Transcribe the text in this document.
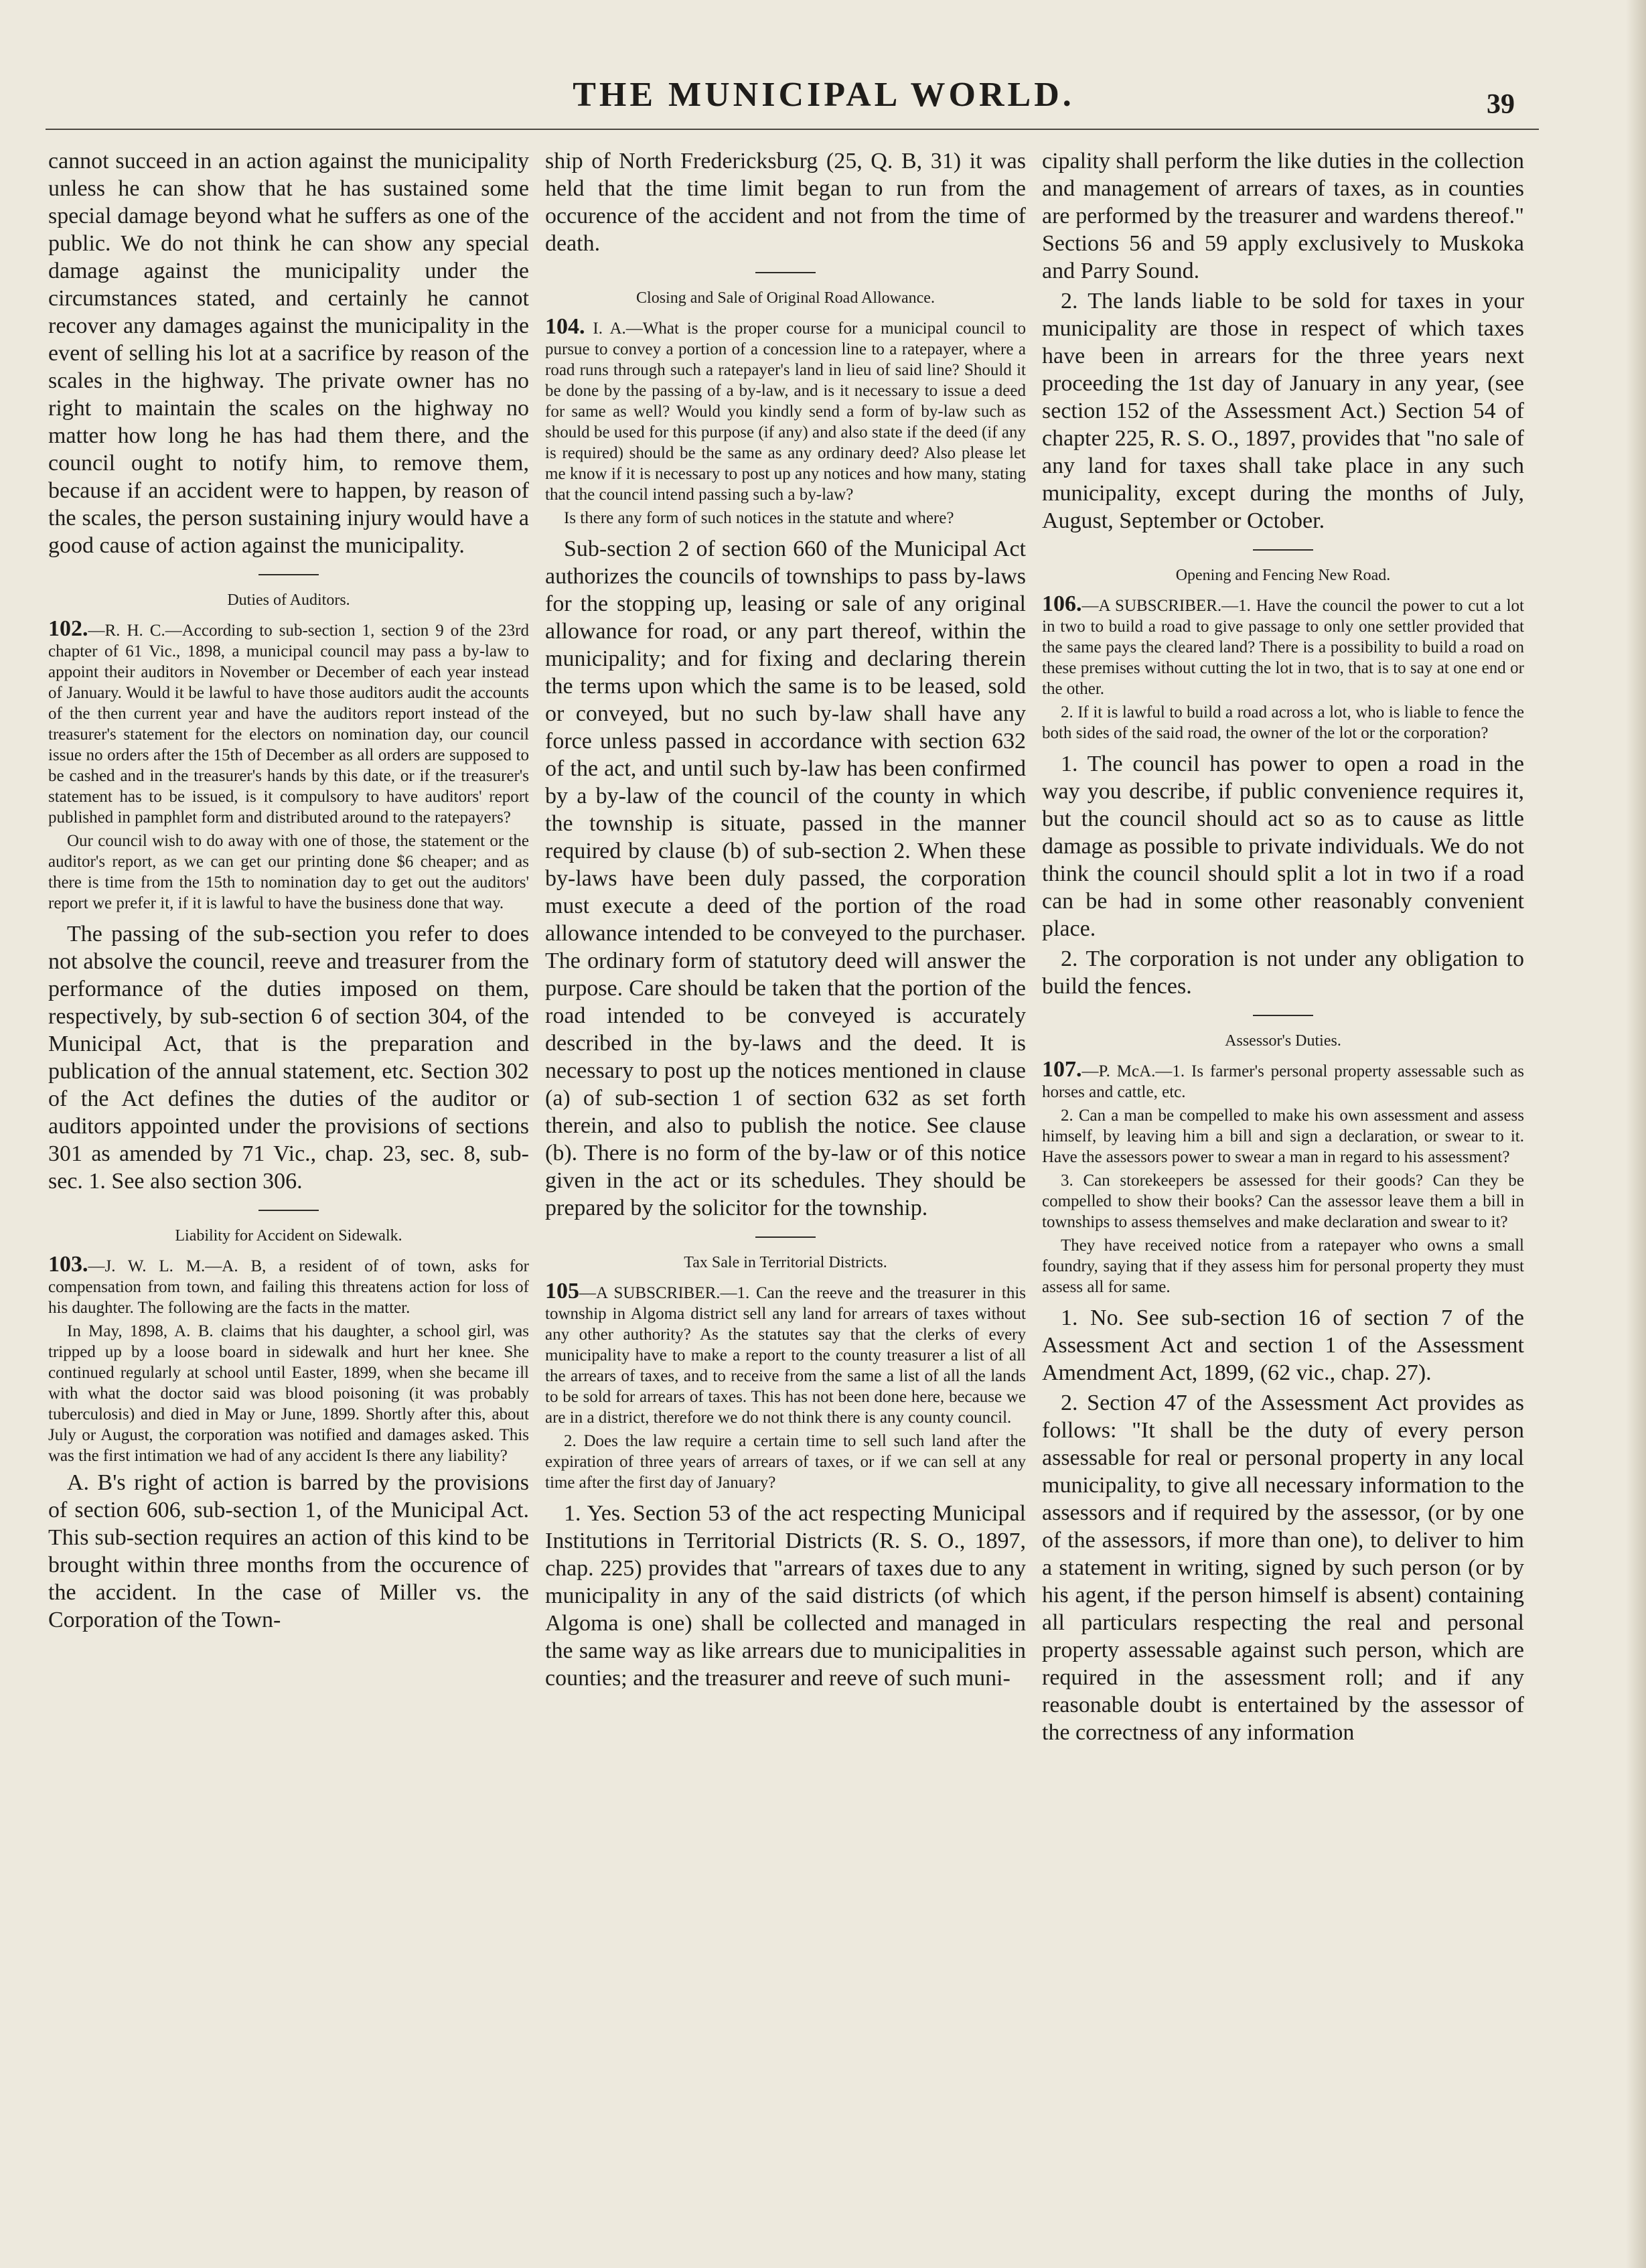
THE MUNICIPAL WORLD.	39

cannot succeed in an action against the municipality unless he can show that he has sustained some special damage beyond what he suffers as one of the public. We do not think he can show any special damage against the municipality under the circumstances stated, and certainly he cannot recover any damages against the municipality in the event of selling his lot at a sacrifice by reason of the scales in the highway. The private owner has no right to maintain the scales on the highway no matter how long he has had them there, and the council ought to notify him, to remove them, because if an accident were to happen, by reason of the scales, the person sustaining injury would have a good cause of action against the municipality.

Duties of Auditors.

102.—R. H. C.—According to sub-section 1, section 9 of the 23rd chapter of 61 Vic., 1898, a municipal council may pass a by-law to appoint their auditors in November or December of each year instead of January. Would it be lawful to have those auditors audit the accounts of the then current year and have the auditors report instead of the treasurer's statement for the electors on nomination day, our council issue no orders after the 15th of December as all orders are supposed to be cashed and in the treasurer's hands by this date, or if the treasurer's statement has to be issued, is it compulsory to have auditors' report published in pamphlet form and distributed around to the ratepayers?

Our council wish to do away with one of those, the statement or the auditor's report, as we can get our printing done $6 cheaper; and as there is time from the 15th to nomination day to get out the auditors' report we prefer it, if it is lawful to have the business done that way.

The passing of the sub-section you refer to does not absolve the council, reeve and treasurer from the performance of the duties imposed on them, respectively, by sub-section 6 of section 304, of the Municipal Act, that is the preparation and publication of the annual statement, etc. Section 302 of the Act defines the duties of the auditor or auditors appointed under the provisions of sections 301 as amended by 71 Vic., chap. 23, sec. 8, sub-sec. 1. See also section 306.

Liability for Accident on Sidewalk.

103.—J. W. L. M.—A. B, a resident of of town, asks for compensation from town, and failing this threatens action for loss of his daughter. The following are the facts in the matter.

In May, 1898, A. B. claims that his daughter, a school girl, was tripped up by a loose board in sidewalk and hurt her knee. She continued regularly at school until Easter, 1899, when she became ill with what the doctor said was blood poisoning (it was probably tuberculosis) and died in May or June, 1899. Shortly after this, about July or August, the corporation was notified and damages asked. This was the first intimation we had of any accident Is there any liability?

A. B's right of action is barred by the provisions of section 606, sub-section 1, of the Municipal Act. This sub-section requires an action of this kind to be brought within three months from the occurence of the accident. In the case of Miller vs. the Corporation of the Town-

ship of North Fredericksburg (25, Q. B, 31) it was held that the time limit began to run from the occurence of the accident and not from the time of death.

Closing and Sale of Original Road Allowance.

104. I. A.—What is the proper course for a municipal council to pursue to convey a portion of a concession line to a ratepayer, where a road runs through such a ratepayer's land in lieu of said line? Should it be done by the passing of a by-law, and is it necessary to issue a deed for same as well? Would you kindly send a form of by-law such as should be used for this purpose (if any) and also state if the deed (if any is required) should be the same as any ordinary deed? Also please let me know if it is necessary to post up any notices and how many, stating that the council intend passing such a by-law?

Is there any form of such notices in the statute and where?

Sub-section 2 of section 660 of the Municipal Act authorizes the councils of townships to pass by-laws for the stopping up, leasing or sale of any original allowance for road, or any part thereof, within the municipality; and for fixing and declaring therein the terms upon which the same is to be leased, sold or conveyed, but no such by-law shall have any force unless passed in accordance with section 632 of the act, and until such by-law has been confirmed by a by-law of the council of the county in which the township is situate, passed in the manner required by clause (b) of sub-section 2. When these by-laws have been duly passed, the corporation must execute a deed of the portion of the road allowance intended to be conveyed to the purchaser. The ordinary form of statutory deed will answer the purpose. Care should be taken that the portion of the road intended to be conveyed is accurately described in the by-laws and the deed. It is necessary to post up the notices mentioned in clause (a) of sub-section 1 of section 632 as set forth therein, and also to publish the notice. See clause (b). There is no form of the by-law or of this notice given in the act or its schedules. They should be prepared by the solicitor for the township.

Tax Sale in Territorial Districts.

105—A SUBSCRIBER.—1. Can the reeve and the treasurer in this township in Algoma district sell any land for arrears of taxes without any other authority? As the statutes say that the clerks of every municipality have to make a report to the county treasurer a list of all the arrears of taxes, and to receive from the same a list of all the lands to be sold for arrears of taxes. This has not been done here, because we are in a district, therefore we do not think there is any county council.

2. Does the law require a certain time to sell such land after the expiration of three years of arrears of taxes, or if we can sell at any time after the first day of January?

1. Yes. Section 53 of the act respecting Municipal Institutions in Territorial Districts (R. S. O., 1897, chap. 225) provides that "arrears of taxes due to any municipality in any of the said districts (of which Algoma is one) shall be collected and managed in the same way as like arrears due to municipalities in counties; and the treasurer and reeve of such muni-

cipality shall perform the like duties in the collection and management of arrears of taxes, as in counties are performed by the treasurer and wardens thereof." Sections 56 and 59 apply exclusively to Muskoka and Parry Sound.

2. The lands liable to be sold for taxes in your municipality are those in respect of which taxes have been in arrears for the three years next proceeding the 1st day of January in any year, (see section 152 of the Assessment Act.) Section 54 of chapter 225, R. S. O., 1897, provides that "no sale of any land for taxes shall take place in any such municipality, except during the months of July, August, September or October.

Opening and Fencing New Road.

106.—A SUBSCRIBER.—1. Have the council the power to cut a lot in two to build a road to give passage to only one settler provided that the same pays the cleared land? There is a possibility to build a road on these premises without cutting the lot in two, that is to say at one end or the other.

2. If it is lawful to build a road across a lot, who is liable to fence the both sides of the said road, the owner of the lot or the corporation?

1. The council has power to open a road in the way you describe, if public convenience requires it, but the council should act so as to cause as little damage as possible to private individuals. We do not think the council should split a lot in two if a road can be had in some other reasonably convenient place.

2. The corporation is not under any obligation to build the fences.

Assessor's Duties.

107.—P. McA.—1. Is farmer's personal property assessable such as horses and cattle, etc.

2. Can a man be compelled to make his own assessment and assess himself, by leaving him a bill and sign a declaration, or swear to it. Have the assessors power to swear a man in regard to his assessment?

3. Can storekeepers be assessed for their goods? Can they be compelled to show their books? Can the assessor leave them a bill in townships to assess themselves and make declaration and swear to it?

They have received notice from a ratepayer who owns a small foundry, saying that if they assess him for personal property they must assess all for same.

1. No. See sub-section 16 of section 7 of the Assessment Act and section 1 of the Assessment Amendment Act, 1899, (62 vic., chap. 27).

2. Section 47 of the Assessment Act provides as follows: "It shall be the duty of every person assessable for real or personal property in any local municipality, to give all necessary information to the assessors and if required by the assessor, (or by one of the assessors, if more than one), to deliver to him a statement in writing, signed by such person (or by his agent, if the person himself is absent) containing all particulars respecting the real and personal property assessable against such person, which are required in the assessment roll; and if any reasonable doubt is entertained by the assessor of the correctness of any information
